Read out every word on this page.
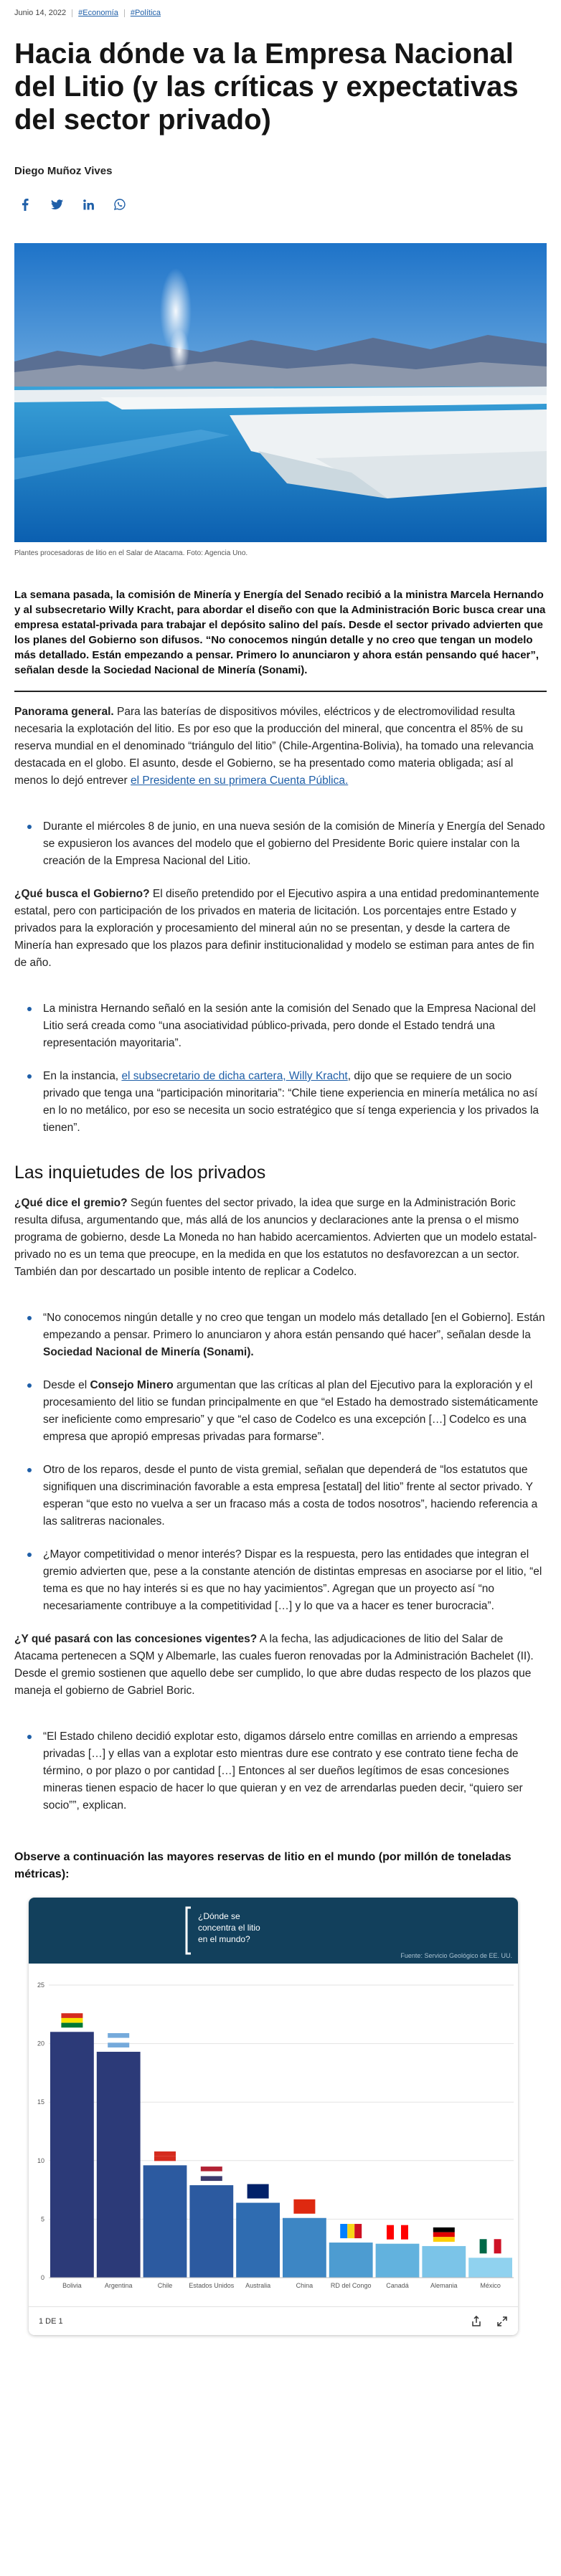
Junio 14, 2022 #Economía #Política
Hacia dónde va la Empresa Nacional del Litio (y las críticas y expectativas del sector privado)
Diego Muñoz Vives
Plantes procesadoras de litio en el Salar de Atacama. Foto: Agencia Uno.
La semana pasada, la comisión de Minería y Energía del Senado recibió a la ministra Marcela Hernando y al subsecretario Willy Kracht, para abordar el diseño con que la Administración Boric busca crear una empresa estatal-privada para trabajar el depósito salino del país. Desde el sector privado advierten que los planes del Gobierno son difusos. “No conocemos ningún detalle y no creo que tengan un modelo más detallado. Están empezando a pensar. Primero lo anunciaron y ahora están pensando qué hacer”, señalan desde la Sociedad Nacional de Minería (Sonami).

Panorama general. Para las baterías de dispositivos móviles, eléctricos y de electromovilidad resulta necesaria la explotación del litio. Es por eso que la producción del mineral, que concentra el 85% de su reserva mundial en el denominado “triángulo del litio” (Chile-Argentina-Bolivia), ha tomado una relevancia destacada en el globo. El asunto, desde el Gobierno, se ha presentado como materia obligada; así al menos lo dejó entrever el Presidente en su primera Cuenta Pública.

Durante el miércoles 8 de junio, en una nueva sesión de la comisión de Minería y Energía del Senado se expusieron los avances del modelo que el gobierno del Presidente Boric quiere instalar con la creación de la Empresa Nacional del Litio.

¿Qué busca el Gobierno? El diseño pretendido por el Ejecutivo aspira a una entidad predominantemente estatal, pero con participación de los privados en materia de licitación. Los porcentajes entre Estado y privados para la exploración y procesamiento del mineral aún no se presentan, y desde la cartera de Minería han expresado que los plazos para definir institucionalidad y modelo se estiman para antes de fin de año.

La ministra Hernando señaló en la sesión ante la comisión del Senado que la Empresa Nacional del Litio será creada como “una asociatividad público-privada, pero donde el Estado tendrá una representación mayoritaria”.
En la instancia, el subsecretario de dicha cartera, Willy Kracht, dijo que se requiere de un socio privado que tenga una “participación minoritaria”: “Chile tiene experiencia en minería metálica no así en lo no metálico, por eso se necesita un socio estratégico que sí tenga experiencia y los privados la tienen”.
Las inquietudes de los privados

¿Qué dice el gremio? Según fuentes del sector privado, la idea que surge en la Administración Boric resulta difusa, argumentando que, más allá de los anuncios y declaraciones ante la prensa o el mismo programa de gobierno, desde La Moneda no han habido acercamientos. Advierten que un modelo estatal-privado no es un tema que preocupe, en la medida en que los estatutos no desfavorezcan a un sector. También dan por descartado un posible intento de replicar a Codelco.

“No conocemos ningún detalle y no creo que tengan un modelo más detallado [en el Gobierno]. Están empezando a pensar. Primero lo anunciaron y ahora están pensando qué hacer”, señalan desde la Sociedad Nacional de Minería (Sonami).
Desde el Consejo Minero argumentan que las críticas al plan del Ejecutivo para la exploración y el procesamiento del litio se fundan principalmente en que “el Estado ha demostrado sistemáticamente ser ineficiente como empresario” y que “el caso de Codelco es una excepción […] Codelco es una empresa que apropió empresas privadas para formarse”.
Otro de los reparos, desde el punto de vista gremial, señalan que dependerá de “los estatutos que signifiquen una discriminación favorable a esta empresa [estatal] del litio” frente al sector privado. Y esperan “que esto no vuelva a ser un fracaso más a costa de todos nosotros”, haciendo referencia a las salitreras nacionales.
¿Mayor competitividad o menor interés? Dispar es la respuesta, pero las entidades que integran el gremio advierten que, pese a la constante atención de distintas empresas en asociarse por el litio, “el tema es que no hay interés si es que no hay yacimientos”. Agregan que un proyecto así “no necesariamente contribuye a la competitividad […] y lo que va a hacer es tener burocracia”.

¿Y qué pasará con las concesiones vigentes? A la fecha, las adjudicaciones de litio del Salar de Atacama pertenecen a SQM y Albemarle, las cuales fueron renovadas por la Administración Bachelet (II). Desde el gremio sostienen que aquello debe ser cumplido, lo que abre dudas respecto de los plazos que maneja el gobierno de Gabriel Boric.

“El Estado chileno decidió explotar esto, digamos dárselo entre comillas en arriendo a empresas privadas […] y ellas van a explotar esto mientras dure ese contrato y ese contrato tiene fecha de término, o por plazo o por cantidad […] Entonces al ser dueños legítimos de esas concesiones mineras tienen espacio de hacer lo que quieran y en vez de arrendarlas pueden decir, “quiero ser socio””, explican.
Observe a continuación las mayores reservas de litio en el mundo (por millón de toneladas métricas):
¿Dónde se
concentra el litio
en el mundo?
Fuente: Servicio Geológico de EE. UU.
0
5
10
15
20
25
Bolivia	Argentina	Chile	Estados Unidos Australia	China	RD del Congo Canadá	Alemania	México
1 DE 1
